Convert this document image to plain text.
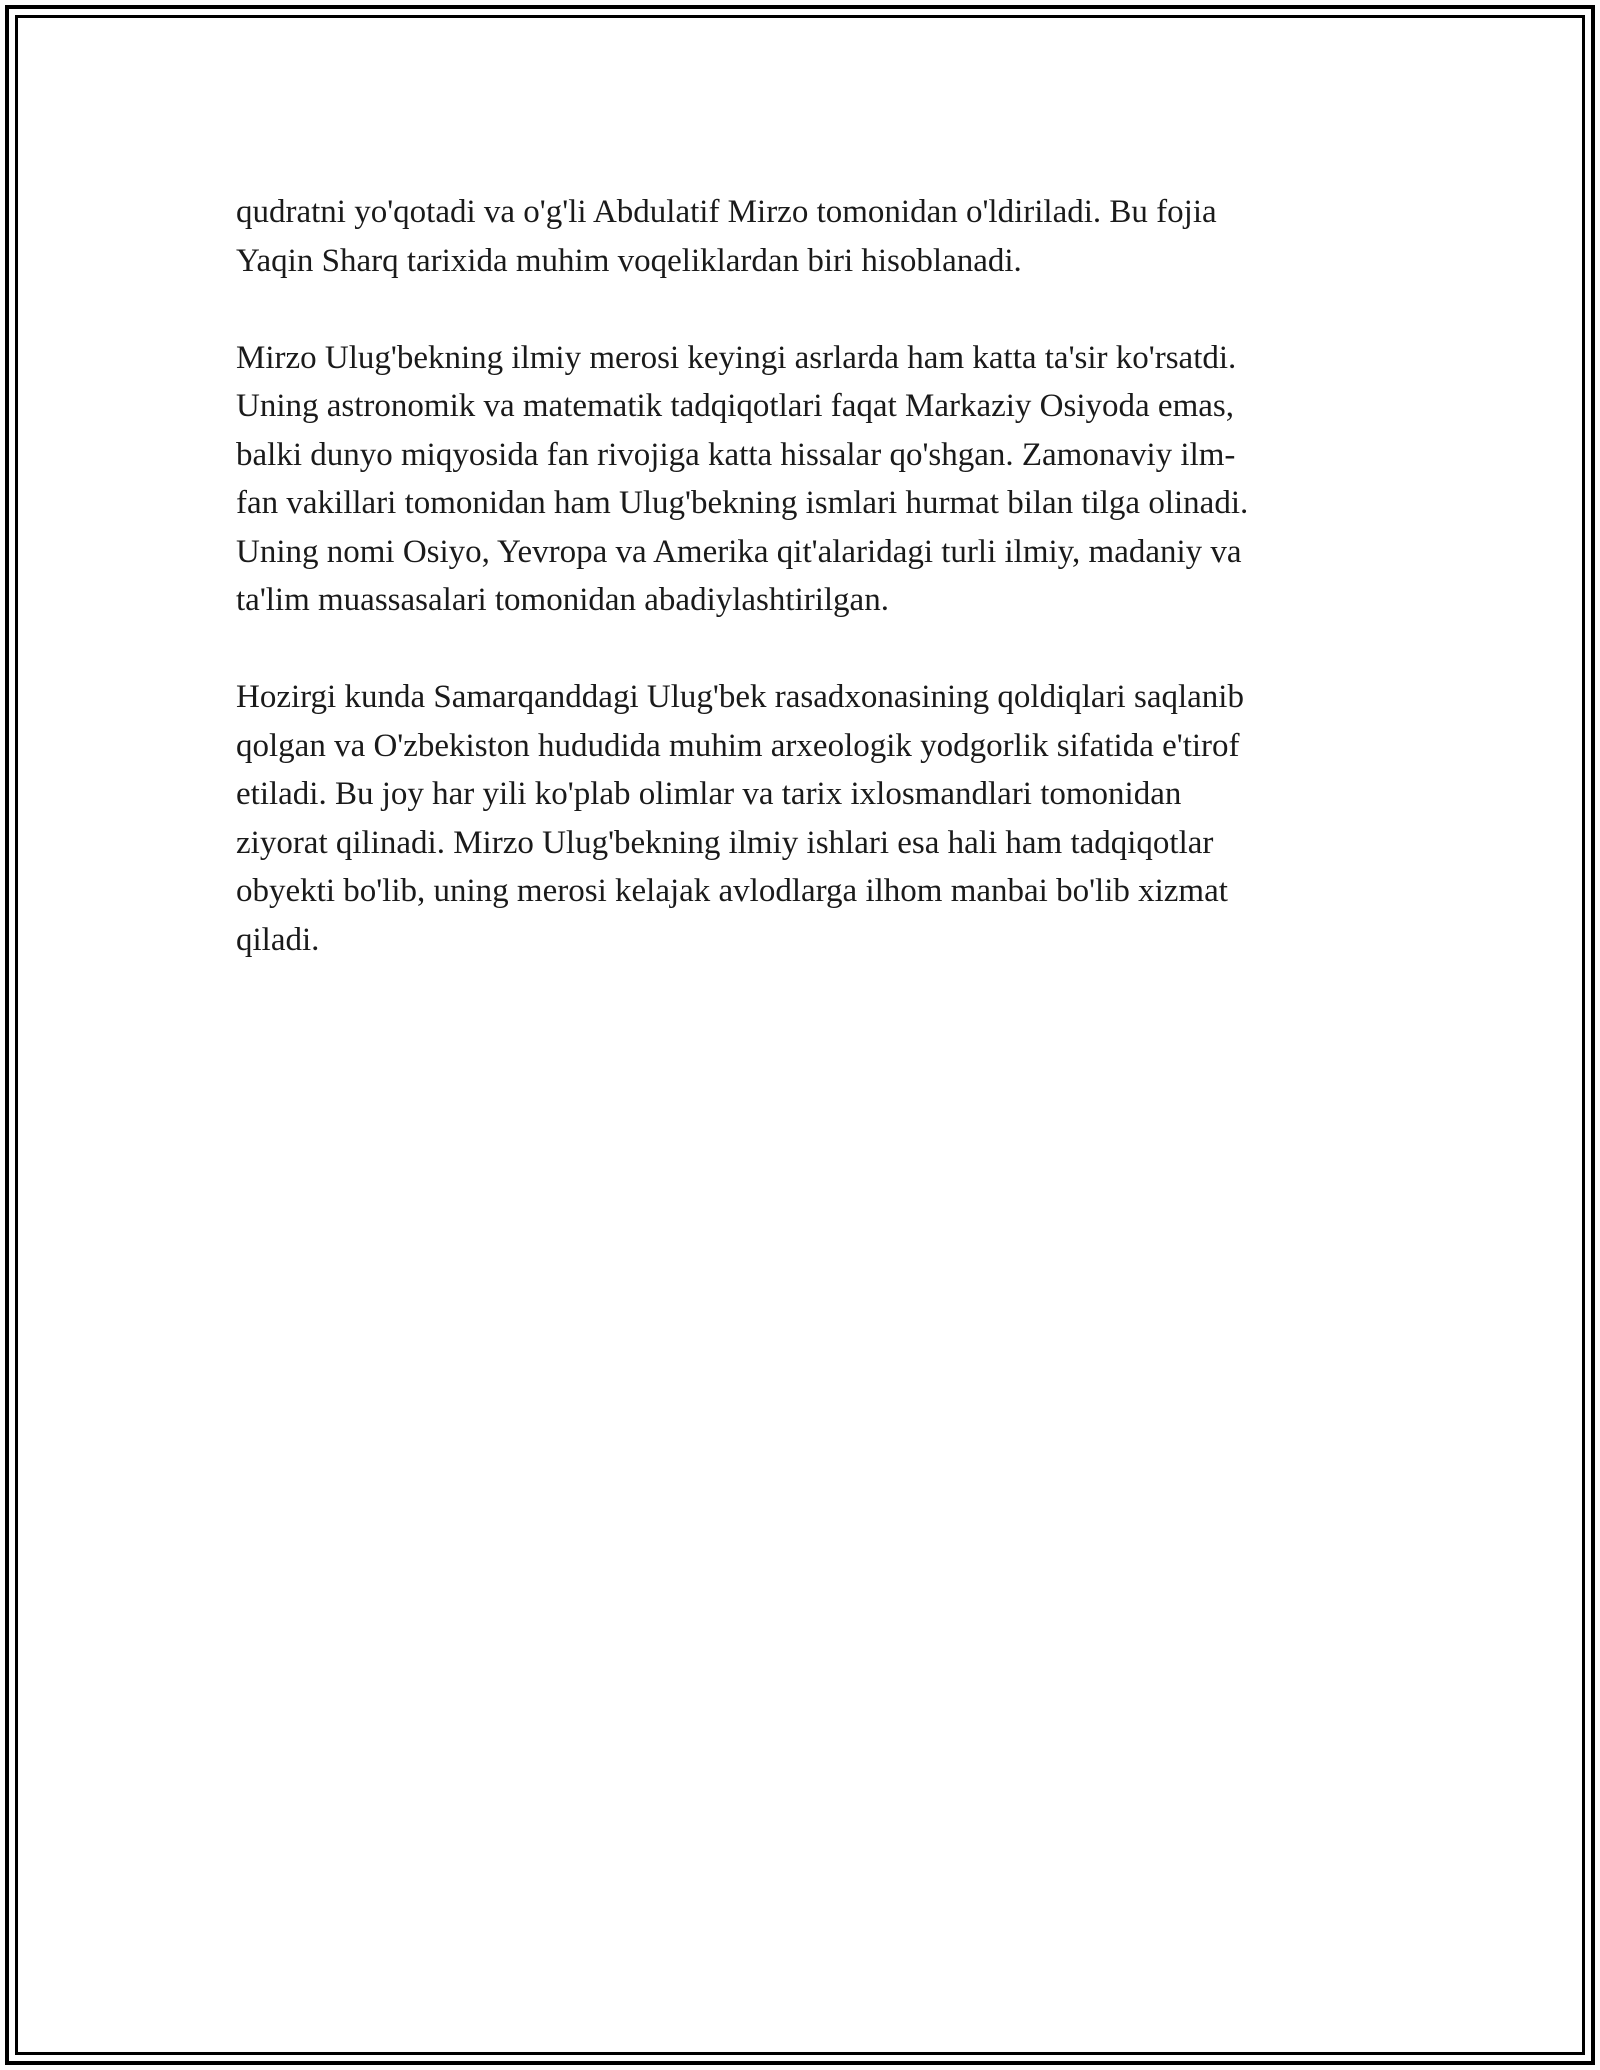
qudratni yo'qotadi va o'g'li Abdulatif Mirzo tomonidan o'ldiriladi. Bu fojia
Yaqin Sharq tarixida muhim voqeliklardan biri hisoblanadi.

Mirzo Ulug'bekning ilmiy merosi keyingi asrlarda ham katta ta'sir ko'rsatdi.
Uning astronomik va matematik tadqiqotlari faqat Markaziy Osiyoda emas,
balki dunyo miqyosida fan rivojiga katta hissalar qo'shgan. Zamonaviy ilm-
fan vakillari tomonidan ham Ulug'bekning ismlari hurmat bilan tilga olinadi.
Uning nomi Osiyo, Yevropa va Amerika qit'alaridagi turli ilmiy, madaniy va
ta'lim muassasalari tomonidan abadiylashtirilgan.

Hozirgi kunda Samarqanddagi Ulug'bek rasadxonasining qoldiqlari saqlanib
qolgan va O'zbekiston hududida muhim arxeologik yodgorlik sifatida e'tirof
etiladi. Bu joy har yili ko'plab olimlar va tarix ixlosmandlari tomonidan
ziyorat qilinadi. Mirzo Ulug'bekning ilmiy ishlari esa hali ham tadqiqotlar
obyekti bo'lib, uning merosi kelajak avlodlarga ilhom manbai bo'lib xizmat
qiladi.
